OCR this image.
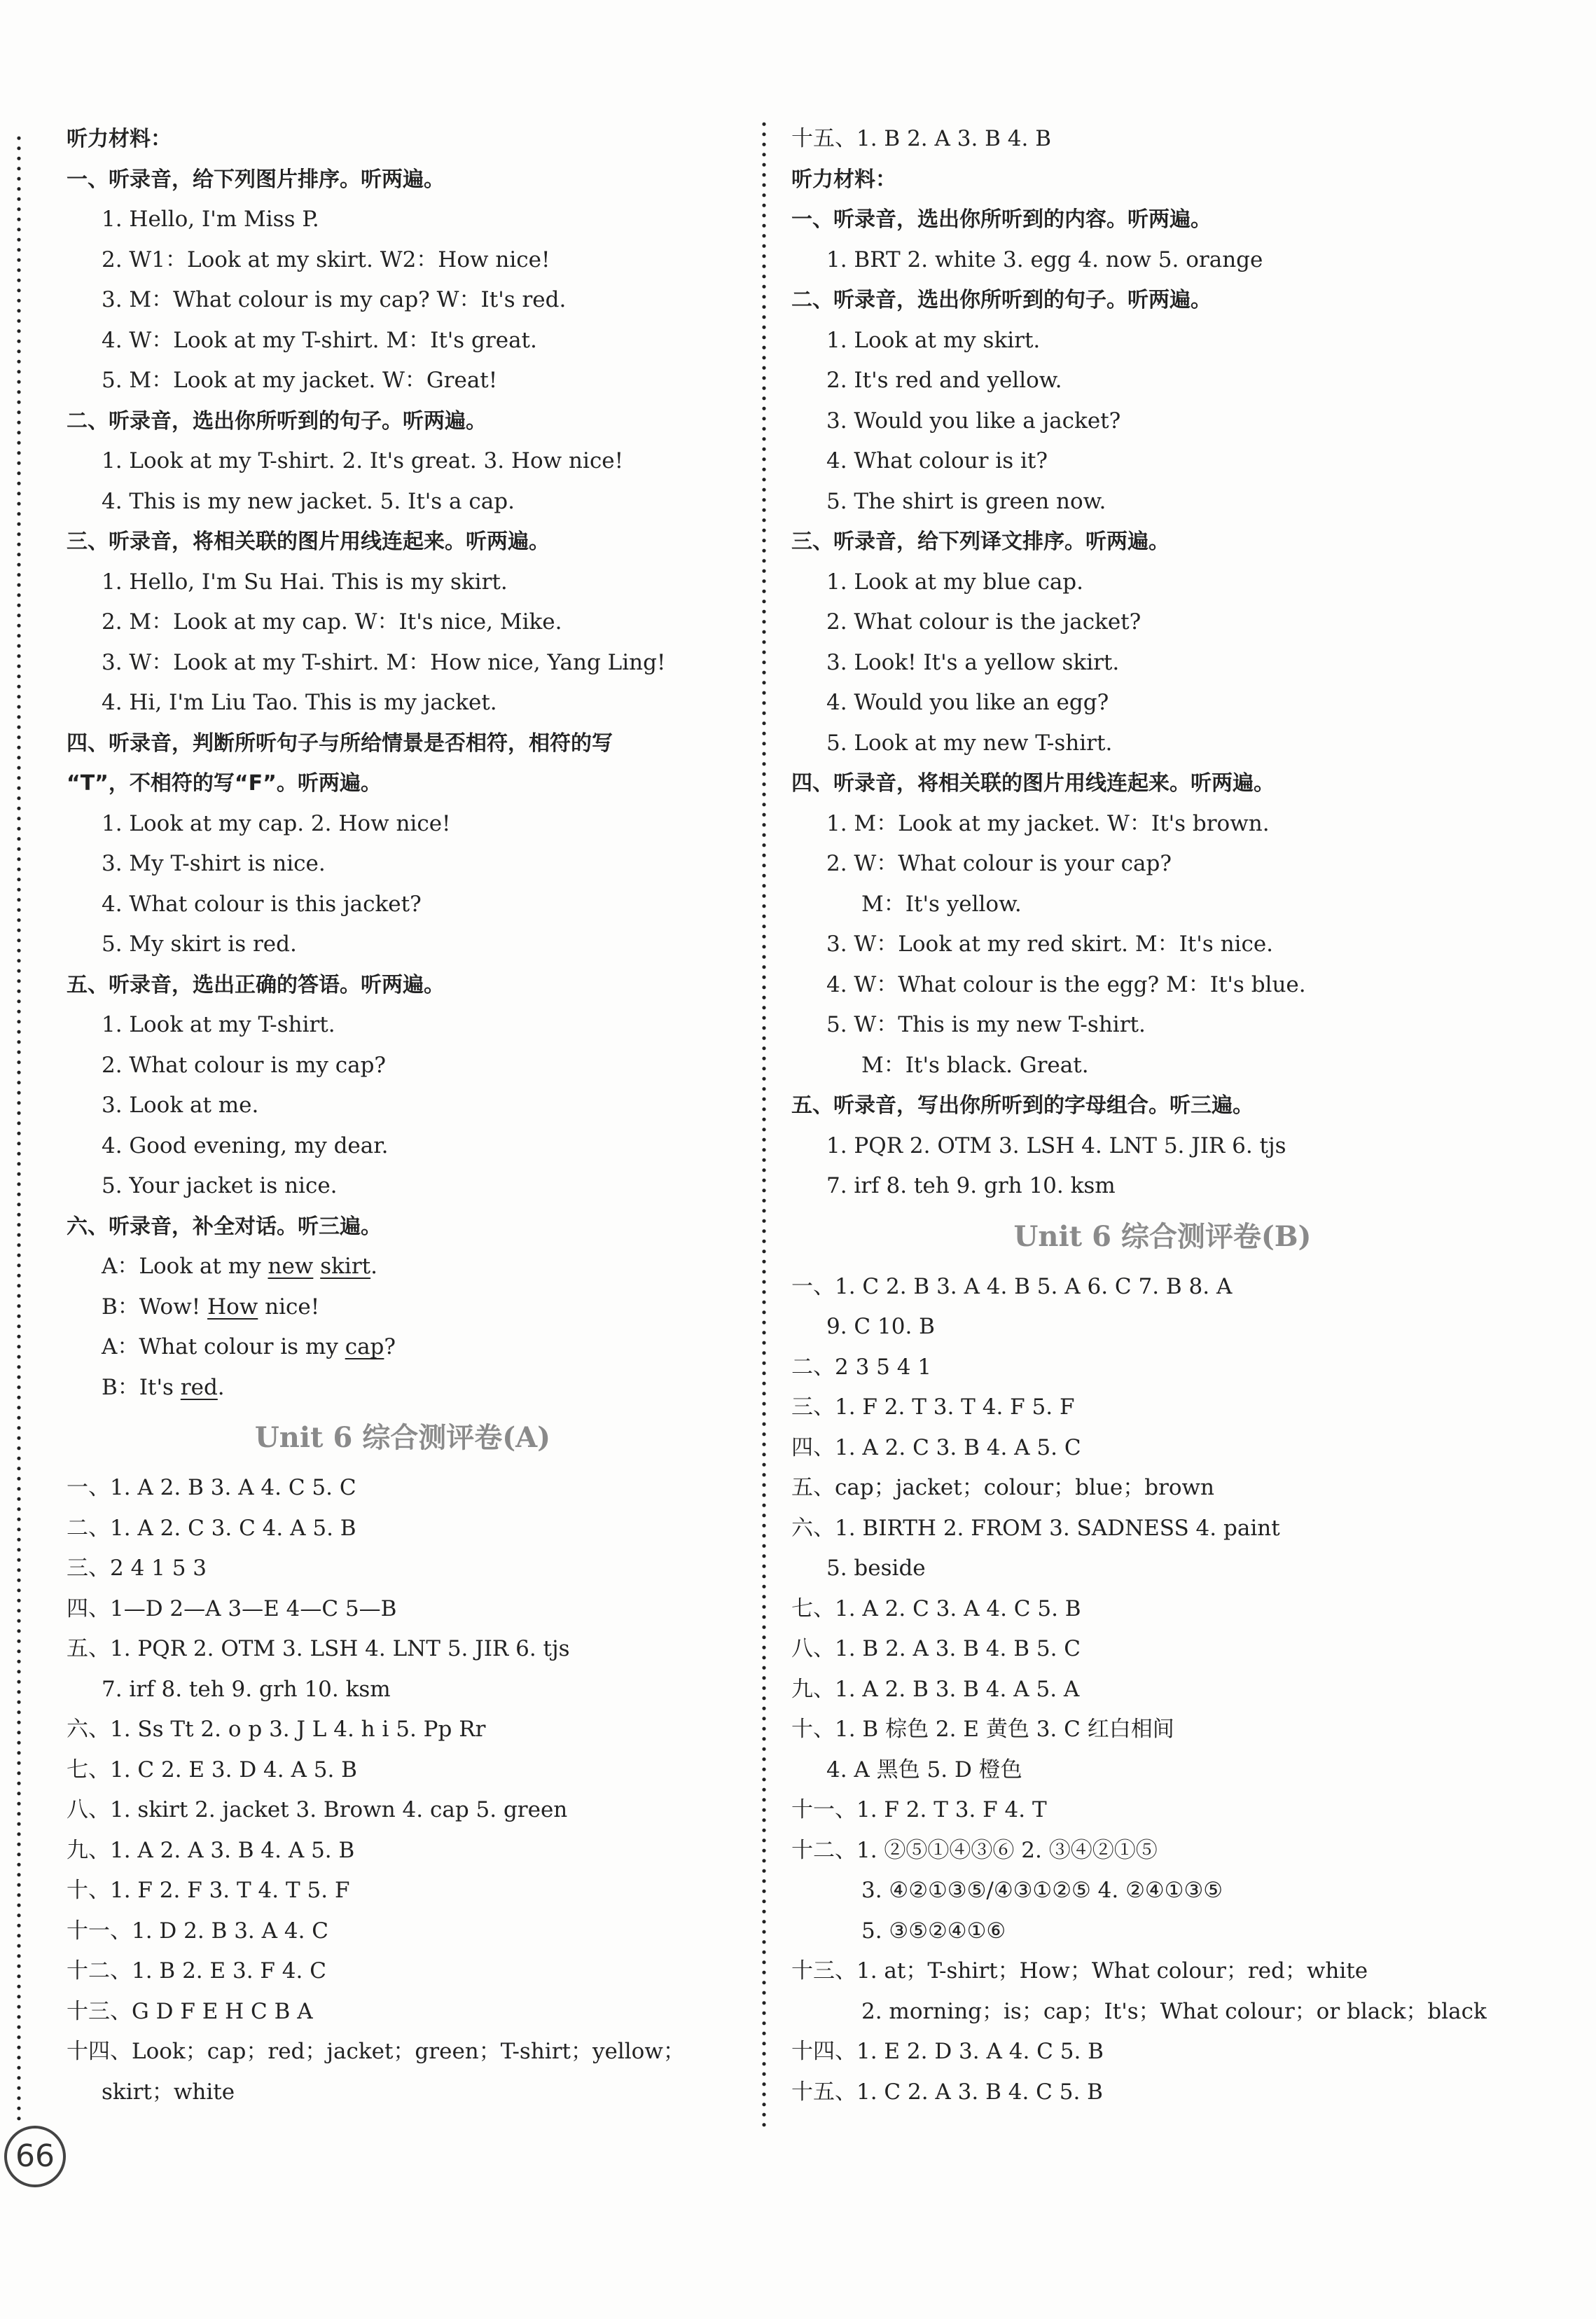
听力材料：
一、听录音，给下列图片排序。听两遍。
1. Hello, I'm Miss P.
2. W1：Look at my skirt. W2：How nice!
3. M：What colour is my cap? W：It's red.
4. W：Look at my T-shirt. M：It's great.
5. M：Look at my jacket. W：Great!
二、听录音，选出你所听到的句子。听两遍。
1. Look at my T-shirt. 2. It's great. 3. How nice!
4. This is my new jacket. 5. It's a cap.
三、听录音，将相关联的图片用线连起来。听两遍。
1. Hello, I'm Su Hai. This is my skirt.
2. M：Look at my cap. W：It's nice, Mike.
3. W：Look at my T-shirt. M：How nice, Yang Ling!
4. Hi, I'm Liu Tao. This is my jacket.
四、听录音，判断所听句子与所给情景是否相符，相符的写
“T”，不相符的写“F”。听两遍。
1. Look at my cap. 2. How nice!
3. My T-shirt is nice.
4. What colour is this jacket?
5. My skirt is red.
五、听录音，选出正确的答语。听两遍。
1. Look at my T-shirt.
2. What colour is my cap?
3. Look at me.
4. Good evening, my dear.
5. Your jacket is nice.
六、听录音，补全对话。听三遍。
A：Look at my new skirt.
B：Wow! How nice!
A：What colour is my cap?
B：It's red.
Unit 6 综合测评卷(A)
一、1. A 2. B 3. A 4. C 5. C
二、1. A 2. C 3. C 4. A 5. B
三、2 4 1 5 3
四、1—D 2—A 3—E 4—C 5—B
五、1. PQR 2. OTM 3. LSH 4. LNT 5. JIR 6. tjs
7. irf 8. teh 9. grh 10. ksm
六、1. Ss Tt 2. o p 3. J L 4. h i 5. Pp Rr
七、1. C 2. E 3. D 4. A 5. B
八、1. skirt 2. jacket 3. Brown 4. cap 5. green
九、1. A 2. A 3. B 4. A 5. B
十、1. F 2. F 3. T 4. T 5. F
十一、1. D 2. B 3. A 4. C
十二、1. B 2. E 3. F 4. C
十三、G D F E H C B A
十四、Look；cap；red；jacket；green；T-shirt；yellow；
skirt；white
十五、1. B 2. A 3. B 4. B
听力材料：
一、听录音，选出你所听到的内容。听两遍。
1. BRT 2. white 3. egg 4. now 5. orange
二、听录音，选出你所听到的句子。听两遍。
1. Look at my skirt.
2. It's red and yellow.
3. Would you like a jacket?
4. What colour is it?
5. The shirt is green now.
三、听录音，给下列译文排序。听两遍。
1. Look at my blue cap.
2. What colour is the jacket?
3. Look! It's a yellow skirt.
4. Would you like an egg?
5. Look at my new T-shirt.
四、听录音，将相关联的图片用线连起来。听两遍。
1. M：Look at my jacket. W：It's brown.
2. W：What colour is your cap?
M：It's yellow.
3. W：Look at my red skirt. M：It's nice.
4. W：What colour is the egg? M：It's blue.
5. W：This is my new T-shirt.
M：It's black. Great.
五、听录音，写出你所听到的字母组合。听三遍。
1. PQR 2. OTM 3. LSH 4. LNT 5. JIR 6. tjs
7. irf 8. teh 9. grh 10. ksm
Unit 6 综合测评卷(B)
一、1. C 2. B 3. A 4. B 5. A 6. C 7. B 8. A
9. C 10. B
二、2 3 5 4 1
三、1. F 2. T 3. T 4. F 5. F
四、1. A 2. C 3. B 4. A 5. C
五、cap；jacket；colour；blue；brown
六、1. BIRTH 2. FROM 3. SADNESS 4. paint
5. beside
七、1. A 2. C 3. A 4. C 5. B
八、1. B 2. A 3. B 4. B 5. C
九、1. A 2. B 3. B 4. A 5. A
十、1. B 棕色 2. E 黄色 3. C 红白相间
4. A 黑色 5. D 橙色
十一、1. F 2. T 3. F 4. T
十二、1. ②⑤①④③⑥ 2. ③④②①⑤
3. ④②①③⑤/④③①②⑤ 4. ②④①③⑤
5. ③⑤②④①⑥
十三、1. at；T-shirt；How；What colour；red；white
2. morning；is；cap；It's；What colour；or black；black
十四、1. E 2. D 3. A 4. C 5. B
十五、1. C 2. A 3. B 4. C 5. B
66
